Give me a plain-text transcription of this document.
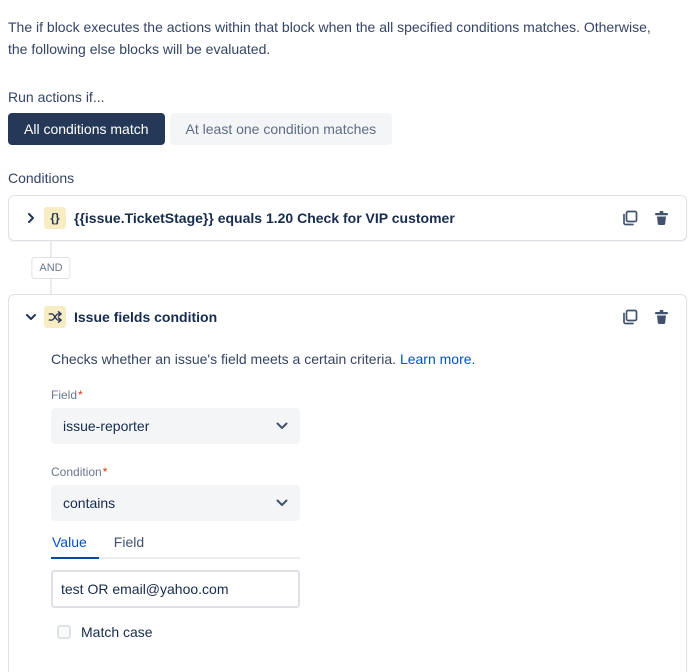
The if block executes the actions within that block when the all specified conditions matches. Otherwise, the following else blocks will be evaluated.

Run actions if...
All conditions match	At least one condition matches
Conditions
{} {{issue.TicketStage}} equals 1.20 Check for VIP customer
AND
Issue fields condition
Checks whether an issue's field meets a certain criteria. Learn more.
Field*
issue-reporter
Condition*
contains
Value	Field
test OR email@yahoo.com
Match case
